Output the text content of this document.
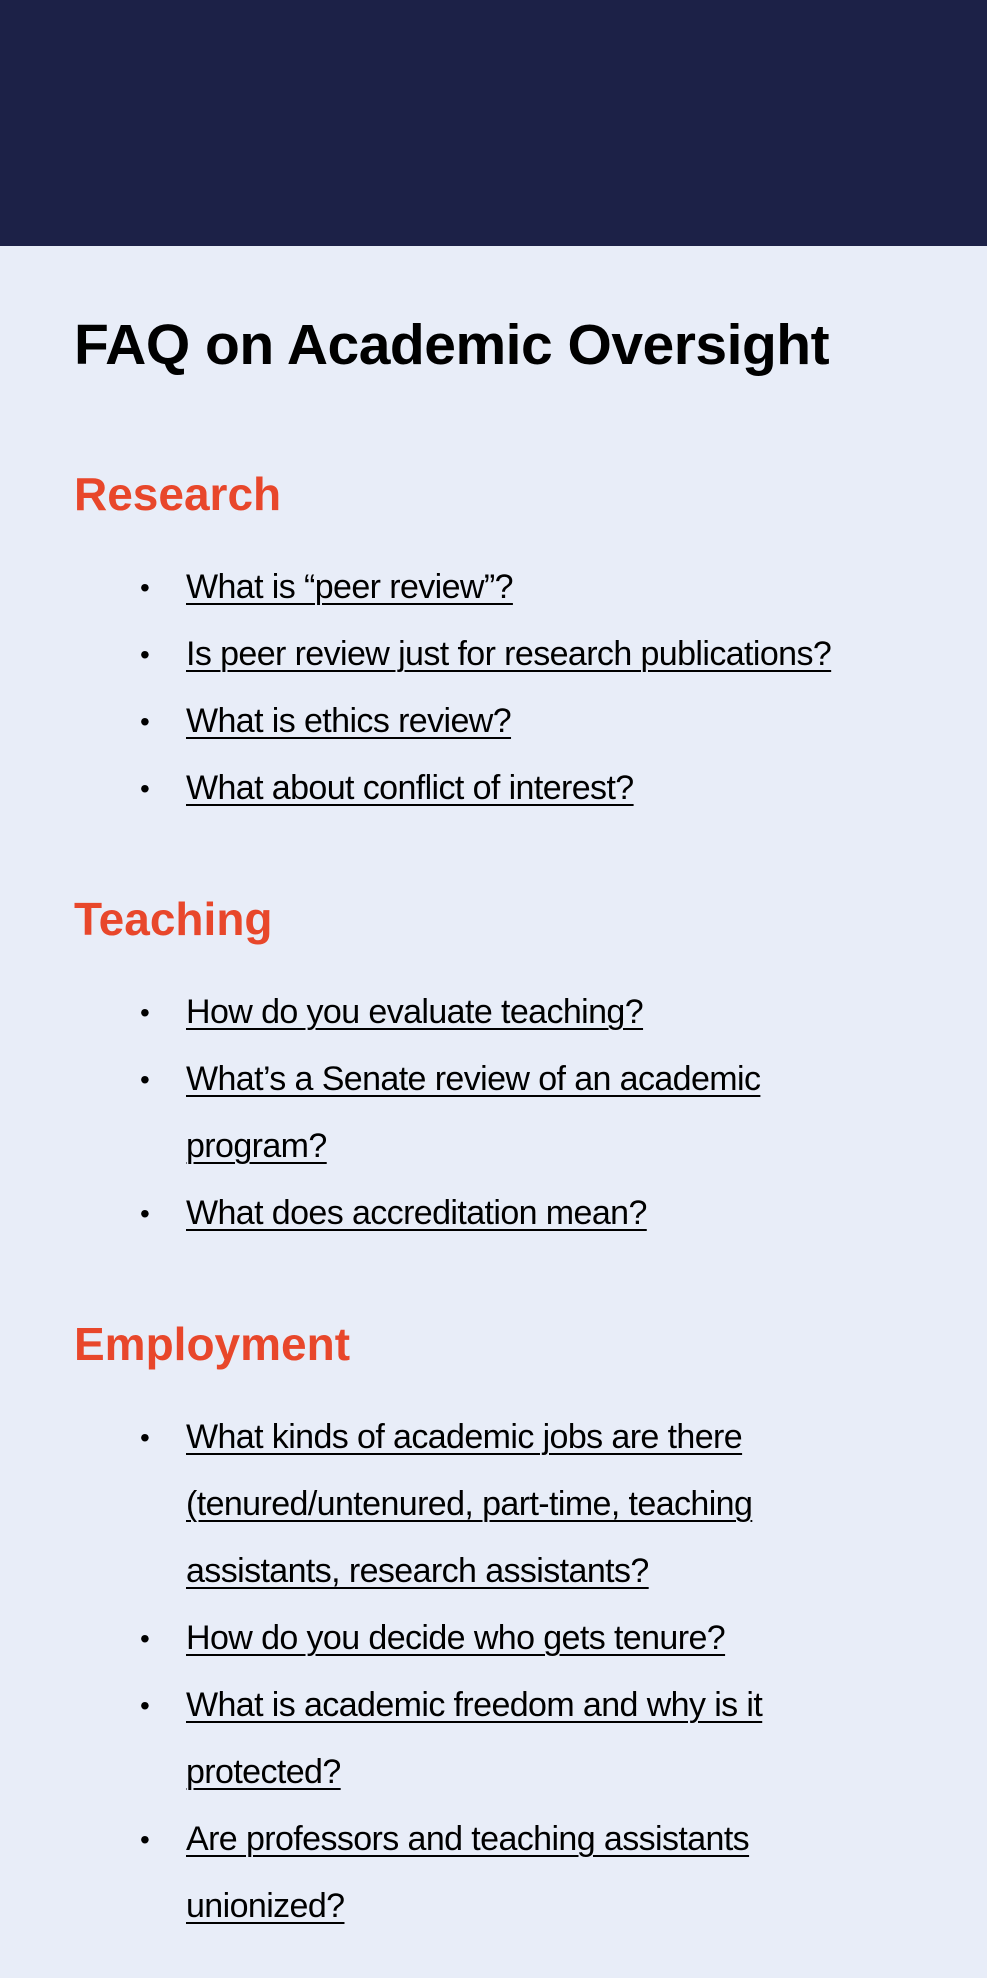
FAQ on Academic Oversight
Research
• What is “peer review”?
• Is peer review just for research publications?
• What is ethics review?
• What about conflict of interest?
Teaching
• How do you evaluate teaching?
• What’s a Senate review of an academic program?
• What does accreditation mean?
Employment
• What kinds of academic jobs are there (tenured/untenured, part-time, teaching assistants, research assistants?
• How do you decide who gets tenure?
• What is academic freedom and why is it protected?
• Are professors and teaching assistants unionized?
